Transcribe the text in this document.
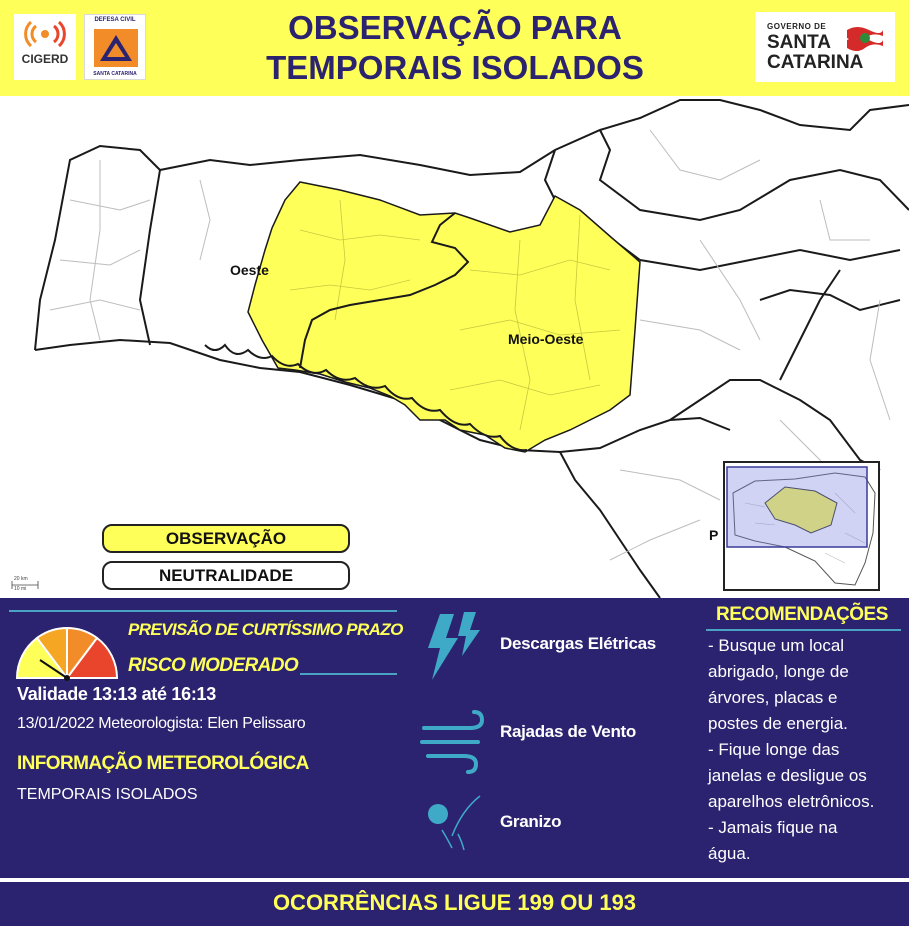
CIGERD
DEFESA CIVIL
SANTA CATARINA
OBSERVAÇÃO PARA
TEMPORAIS ISOLADOS
GOVERNO DE
SANTA
CATARINA
Oeste
Meio-Oeste
P
OBSERVAÇÃO
NEUTRALIDADE
20 km
10 mi
PREVISÃO DE CURTÍSSIMO PRAZO
RISCO MODERADO
Validade 13:13 até 16:13
13/01/2022 Meteorologista: Elen Pelissaro
INFORMAÇÃO METEOROLÓGICA
TEMPORAIS ISOLADOS
Descargas Elétricas
Rajadas de Vento
Granizo
RECOMENDAÇÕES
- Busque um local
abrigado, longe de
árvores, placas e
postes de energia.
- Fique longe das
janelas e desligue os
aparelhos eletrônicos.
- Jamais fique na
água.
OCORRÊNCIAS LIGUE 199 OU 193
